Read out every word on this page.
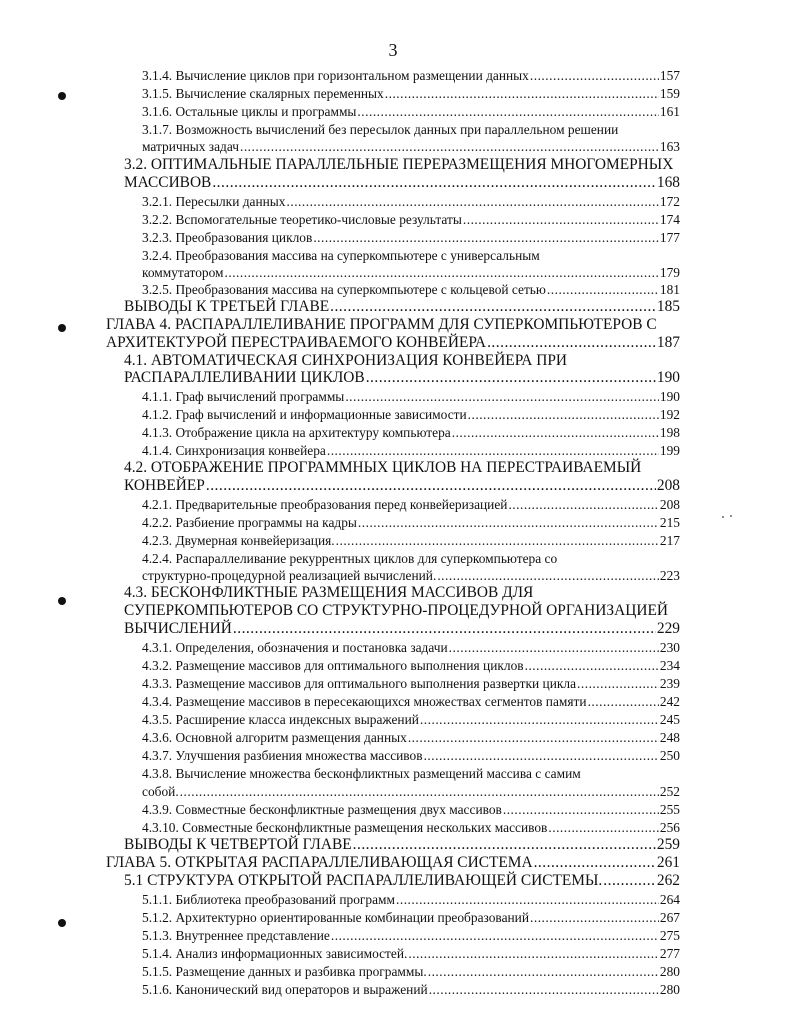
3
3.1.4. Вычисление циклов при горизонтальном размещении данных .....	157
3.1.5. Вычисление скалярных переменных .....	159
3.1.6. Остальные циклы и программы .....	161
3.1.7. Возможность вычислений без пересылок данных при параллельном решении
матричных задач .....	163
3.2. ОПТИМАЛЬНЫЕ ПАРАЛЛЕЛЬНЫЕ ПЕРЕРАЗМЕЩЕНИЯ МНОГОМЕРНЫХ
МАССИВОВ .....	168
3.2.1. Пересылки данных .....	172
3.2.2. Вспомогательные теоретико-числовые результаты .....	174
3.2.3. Преобразования циклов .....	177
3.2.4. Преобразования массива на суперкомпьютере с универсальным
коммутатором .....	179
3.2.5. Преобразования массива на суперкомпьютере с кольцевой сетью .....	181
ВЫВОДЫ К ТРЕТЬЕЙ ГЛАВЕ .....	185
ГЛАВА 4. РАСПАРАЛЛЕЛИВАНИЕ ПРОГРАММ ДЛЯ СУПЕРКОМПЬЮТЕРОВ С
АРХИТЕКТУРОЙ ПЕРЕСТРАИВАЕМОГО КОНВЕЙЕРА .....	187
4.1. АВТОМАТИЧЕСКАЯ СИНХРОНИЗАЦИЯ КОНВЕЙЕРА ПРИ
РАСПАРАЛЛЕЛИВАНИИ ЦИКЛОВ .....	190
4.1.1. Граф вычислений программы .....	190
4.1.2. Граф вычислений и информационные зависимости .....	192
4.1.3. Отображение цикла на архитектуру компьютера .....	198
4.1.4. Синхронизация конвейера .....	199
4.2. ОТОБРАЖЕНИЕ ПРОГРАММНЫХ ЦИКЛОВ НА ПЕРЕСТРАИВАЕМЫЙ
КОНВЕЙЕР .....	208
4.2.1. Предварительные преобразования перед конвейеризацией .....	208
4.2.2. Разбиение программы на кадры .....	215
4.2.3. Двумерная конвейеризация. .....	217
4.2.4. Распараллеливание рекуррентных циклов для суперкомпьютера со
структурно-процедурной реализацией вычислений. .....	223
4.3. БЕСКОНФЛИКТНЫЕ РАЗМЕЩЕНИЯ МАССИВОВ ДЛЯ
СУПЕРКОМПЬЮТЕРОВ СО СТРУКТУРНО-ПРОЦЕДУРНОЙ ОРГАНИЗАЦИЕЙ
ВЫЧИСЛЕНИЙ .....	229
4.3.1. Определения, обозначения и постановка задачи .....	230
4.3.2. Размещение массивов для оптимального выполнения циклов .....	234
4.3.3. Размещение массивов для оптимального выполнения развертки цикла .....	239
4.3.4. Размещение массивов в пересекающихся множествах сегментов памяти .....	242
4.3.5. Расширение класса индексных выражений .....	245
4.3.6. Основной алгоритм размещения данных .....	248
4.3.7. Улучшения разбиения множества массивов .....	250
4.3.8. Вычисление множества бесконфликтных размещений массива с самим
собой. .....	252
4.3.9. Совместные бесконфликтные размещения двух массивов .....	255
4.3.10. Совместные бесконфликтные размещения нескольких массивов .....	256
ВЫВОДЫ К ЧЕТВЕРТОЙ ГЛАВЕ .....	259
ГЛАВА 5. ОТКРЫТАЯ РАСПАРАЛЛЕЛИВАЮЩАЯ СИСТЕМА .....	261
5.1 СТРУКТУРА ОТКРЫТОЙ РАСПАРАЛЛЕЛИВАЮЩЕЙ СИСТЕМЫ. .....	262
5.1.1. Библиотека преобразований программ .....	264
5.1.2. Архитектурно ориентированные комбинации преобразований .....	267
5.1.3. Внутреннее представление .....	275
5.1.4. Анализ информационных зависимостей. .....	277
5.1.5. Размещение данных и разбивка программы. .....	280
5.1.6. Канонический вид операторов и выражений .....	280
